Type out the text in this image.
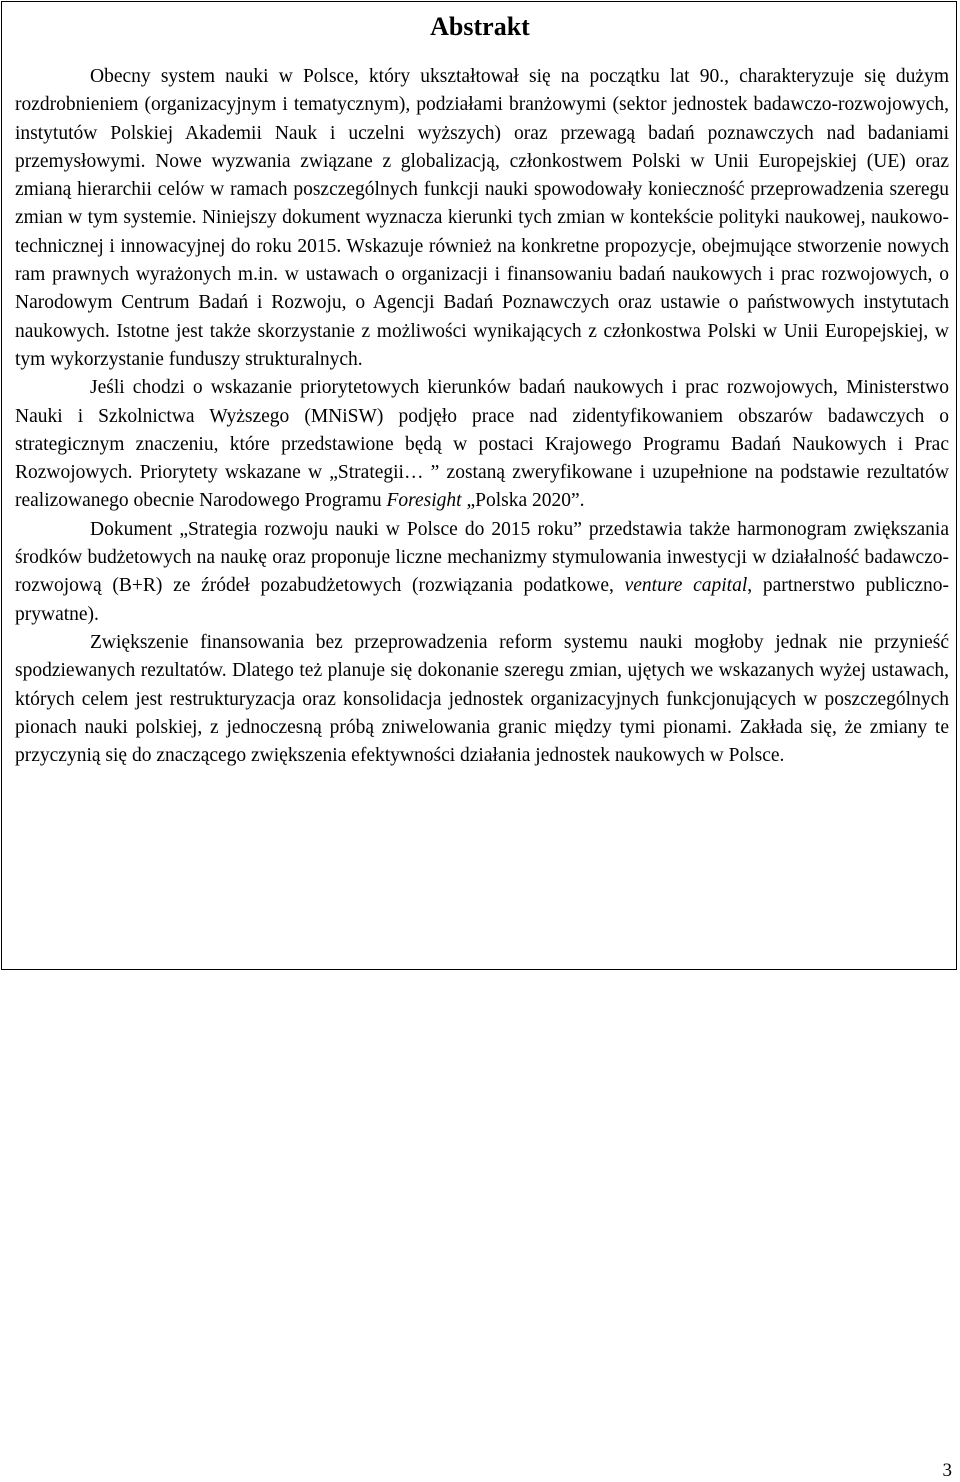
Abstrakt

Obecny system nauki w Polsce, który ukształtował się na początku lat 90., charakteryzuje się dużym rozdrobnieniem (organizacyjnym i tematycznym), podziałami branżowymi (sektor jednostek badawczo-rozwojowych, instytutów Polskiej Akademii Nauk i uczelni wyższych) oraz przewagą badań poznawczych nad badaniami przemysłowymi. Nowe wyzwania związane z globalizacją, członkostwem Polski w Unii Europejskiej (UE) oraz zmianą hierarchii celów w ramach poszczególnych funkcji nauki spowodowały konieczność przeprowadzenia szeregu zmian w tym systemie. Niniejszy dokument wyznacza kierunki tych zmian w kontekście polityki naukowej, naukowo-technicznej i innowacyjnej do roku 2015. Wskazuje również na konkretne propozycje, obejmujące stworzenie nowych ram prawnych wyrażonych m.in. w ustawach o organizacji i finansowaniu badań naukowych i prac rozwojowych, o Narodowym Centrum Badań i Rozwoju, o Agencji Badań Poznawczych oraz ustawie o państwowych instytutach naukowych. Istotne jest także skorzystanie z możliwości wynikających z członkostwa Polski w Unii Europejskiej, w tym wykorzystanie funduszy strukturalnych.

Jeśli chodzi o wskazanie priorytetowych kierunków badań naukowych i prac rozwojowych, Ministerstwo Nauki i Szkolnictwa Wyższego (MNiSW) podjęło prace nad zidentyfikowaniem obszarów badawczych o strategicznym znaczeniu, które przedstawione będą w postaci Krajowego Programu Badań Naukowych i Prac Rozwojowych. Priorytety wskazane w „Strategii… ” zostaną zweryfikowane i uzupełnione na podstawie rezultatów realizowanego obecnie Narodowego Programu Foresight „Polska 2020”.

Dokument „Strategia rozwoju nauki w Polsce do 2015 roku” przedstawia także harmonogram zwiększania środków budżetowych na naukę oraz proponuje liczne mechanizmy stymulowania inwestycji w działalność badawczo-rozwojową (B+R) ze źródeł pozabudżetowych (rozwiązania podatkowe, venture capital, partnerstwo publiczno-prywatne).

Zwiększenie finansowania bez przeprowadzenia reform systemu nauki mogłoby jednak nie przynieść spodziewanych rezultatów. Dlatego też planuje się dokonanie szeregu zmian, ujętych we wskazanych wyżej ustawach, których celem jest restrukturyzacja oraz konsolidacja jednostek organizacyjnych funkcjonujących w poszczególnych pionach nauki polskiej, z jednoczesną próbą zniwelowania granic między tymi pionami. Zakłada się, że zmiany te przyczynią się do znaczącego zwiększenia efektywności działania jednostek naukowych w Polsce.

3
